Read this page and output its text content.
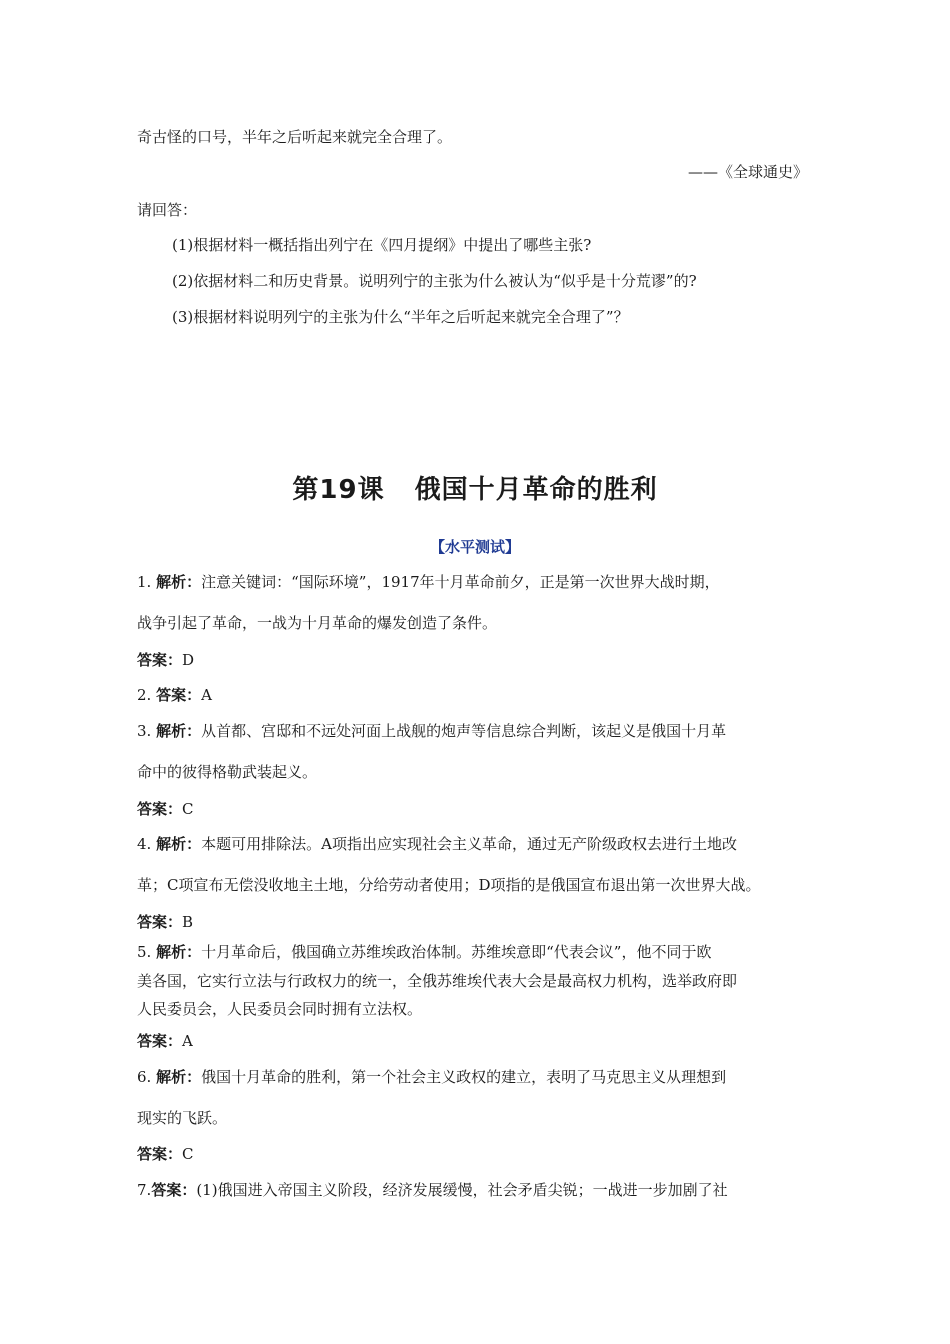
奇古怪的口号，半年之后听起来就完全合理了。
——《全球通史》
请回答：
(1)根据材料一概括指出列宁在《四月提纲》中提出了哪些主张?
(2)依据材料二和历史背景。说明列宁的主张为什么被认为“似乎是十分荒谬”的?
(3)根据材料说明列宁的主张为什么“半年之后听起来就完全合理了”？
第19课 俄国十月革命的胜利
【水平测试】
1. 解析：注意关键词：“国际环境”，1917年十月革命前夕，正是第一次世界大战时期，
战争引起了革命，一战为十月革命的爆发创造了条件。
答案：D
2. 答案：A
3. 解析：从首都、宫邸和不远处河面上战舰的炮声等信息综合判断，该起义是俄国十月革
命中的彼得格勒武装起义。
答案：C
4. 解析：本题可用排除法。A项指出应实现社会主义革命，通过无产阶级政权去进行土地改
革；C项宣布无偿没收地主土地，分给劳动者使用；D项指的是俄国宣布退出第一次世界大战。
答案：B
5. 解析：十月革命后，俄国确立苏维埃政治体制。苏维埃意即“代表会议”，他不同于欧
美各国，它实行立法与行政权力的统一，全俄苏维埃代表大会是最高权力机构，选举政府即
人民委员会，人民委员会同时拥有立法权。
答案：A
6. 解析：俄国十月革命的胜利，第一个社会主义政权的建立，表明了马克思主义从理想到
现实的飞跃。
答案：C
7.答案：(1)俄国进入帝国主义阶段，经济发展缓慢，社会矛盾尖锐；一战进一步加剧了社
